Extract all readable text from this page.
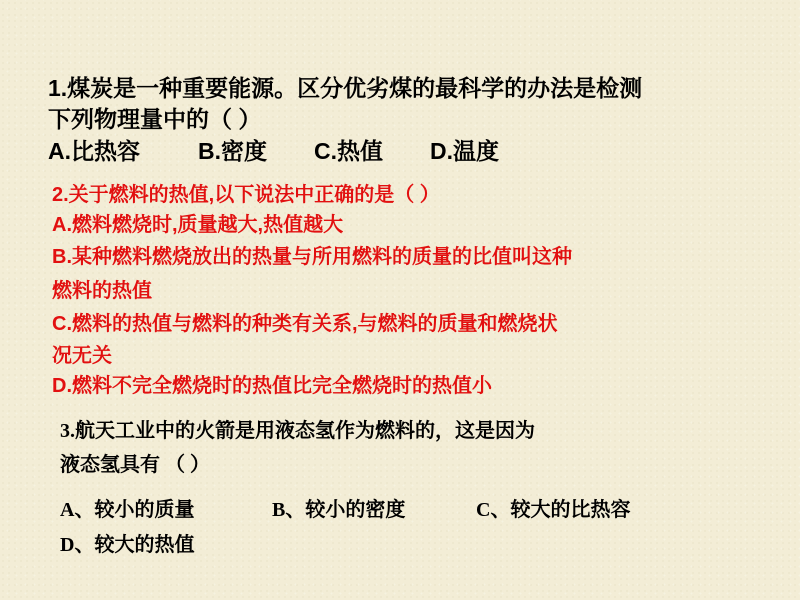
1.煤炭是一种重要能源。区分优劣煤的最科学的办法是检测
下列物理量中的（ ）
A.比热容	B.密度 C.热值 D.温度
2.关于燃料的热值,以下说法中正确的是（ ）
A.燃料燃烧时,质量越大,热值越大
B.某种燃料燃烧放出的热量与所用燃料的质量的比值叫这种
燃料的热值
C.燃料的热值与燃料的种类有关系,与燃料的质量和燃烧状
况无关
D.燃料不完全燃烧时的热值比完全燃烧时的热值小
3.航天工业中的火箭是用液态氢作为燃料的，这是因为
液态氢具有 （ ）
A、较小的质量	B、较小的密度	C、较大的比热容
D、较大的热值
